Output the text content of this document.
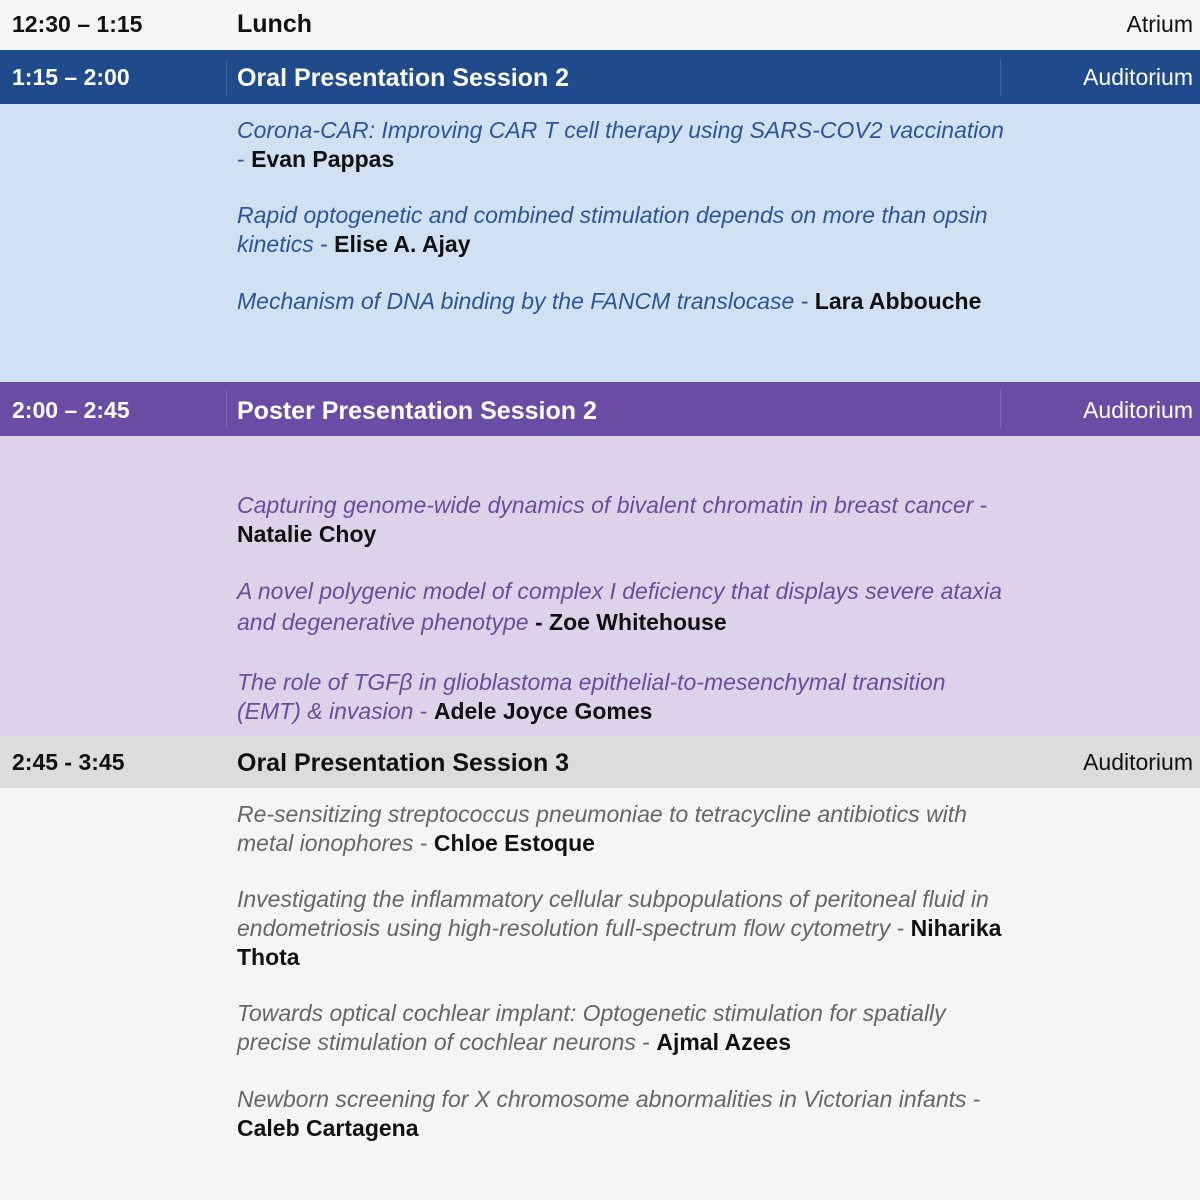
12:30 – 1:15	Lunch	Atrium
1:15 – 2:00	Oral Presentation Session 2	Auditorium
Corona-CAR: Improving CAR T cell therapy using SARS-COV2 vaccination - Evan Pappas
Rapid optogenetic and combined stimulation depends on more than opsin kinetics - Elise A. Ajay
Mechanism of DNA binding by the FANCM translocase - Lara Abbouche
2:00 – 2:45	Poster Presentation Session 2	Auditorium
Capturing genome-wide dynamics of bivalent chromatin in breast cancer - Natalie Choy
A novel polygenic model of complex I deficiency that displays severe ataxia and degenerative phenotype - Zoe Whitehouse
The role of TGFβ in glioblastoma epithelial-to-mesenchymal transition (EMT) & invasion - Adele Joyce Gomes
2:45 - 3:45	Oral Presentation Session 3	Auditorium
Re-sensitizing streptococcus pneumoniae to tetracycline antibiotics with metal ionophores - Chloe Estoque
Investigating the inflammatory cellular subpopulations of peritoneal fluid in endometriosis using high-resolution full-spectrum flow cytometry - Niharika Thota
Towards optical cochlear implant: Optogenetic stimulation for spatially precise stimulation of cochlear neurons - Ajmal Azees
Newborn screening for X chromosome abnormalities in Victorian infants - Caleb Cartagena
